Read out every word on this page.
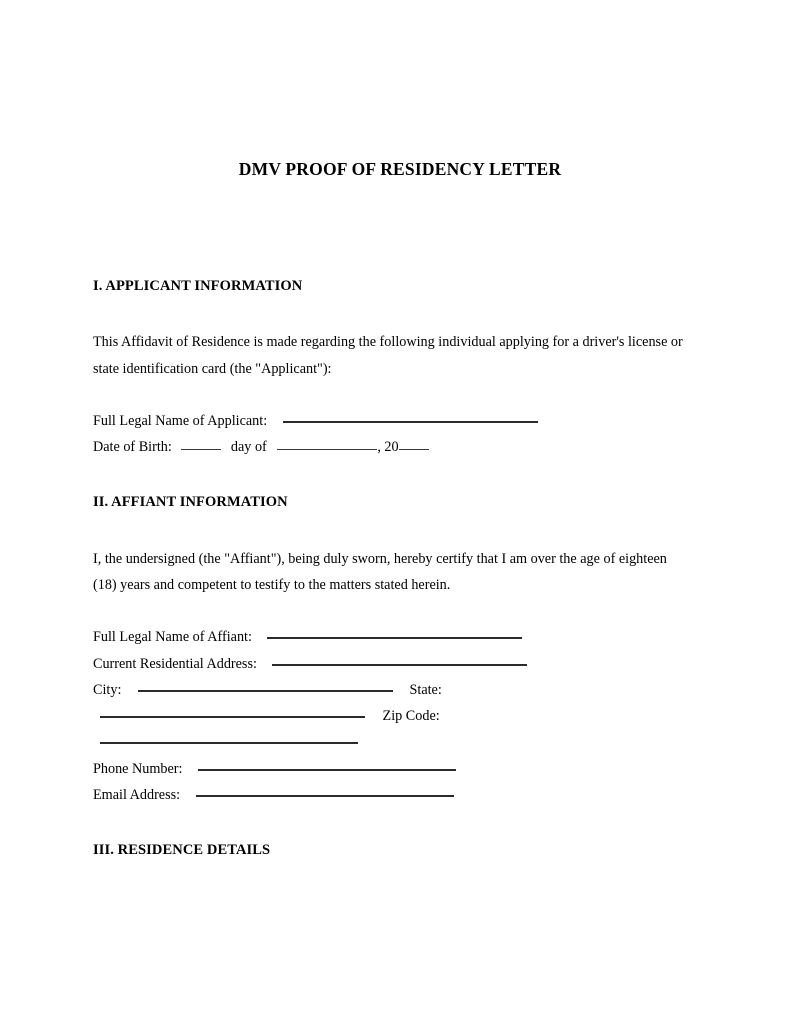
DMV PROOF OF RESIDENCY LETTER
I. APPLICANT INFORMATION

This Affidavit of Residence is made regarding the following individual applying for a driver's license or state identification card (the "Applicant"):

Full Legal Name of Applicant:
Date of Birth:	day of	, 20
II. AFFIANT INFORMATION

I, the undersigned (the "Affiant"), being duly sworn, hereby certify that I am over the age of eighteen (18) years and competent to testify to the matters stated herein.

Full Legal Name of Affiant:
Current Residential Address:
City:	State:
Zip Code:
Phone Number:
Email Address:
III. RESIDENCE DETAILS
